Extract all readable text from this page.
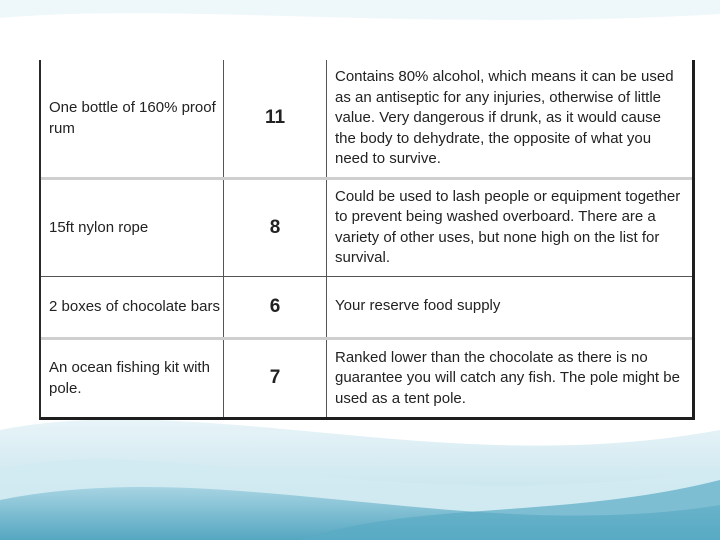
One bottle of 160% proof rum	11	Contains 80% alcohol, which means it can be used as an antiseptic for any injuries, otherwise of little value. Very dangerous if drunk, as it would cause the body to dehydrate, the opposite of what you need to survive.
15ft nylon rope	8	Could be used to lash people or equipment together to prevent being washed overboard. There are a variety of other uses, but none high on the list for survival.
2 boxes of chocolate bars	6	Your reserve food supply
An ocean fishing kit with pole.	7	Ranked lower than the chocolate as there is no guarantee you will catch any fish. The pole might be used as a tent pole.
